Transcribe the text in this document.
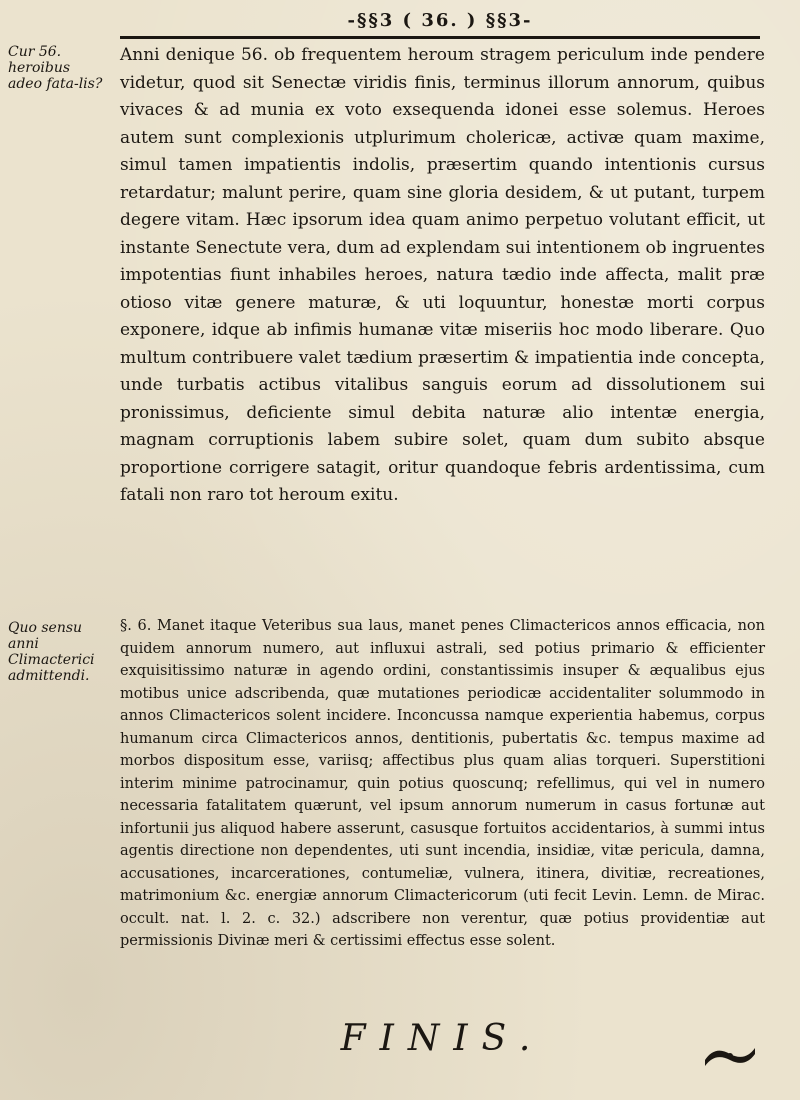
-§§3 ( 36. ) §§3-
Cur 56. heroibus adeo fata-lis?
Quo sensu anni Climacterici admittendi.
Anni denique 56. ob frequentem heroum stragem periculum inde pendere videtur, quod sit Senectæ viridis finis, terminus illorum annorum, quibus vivaces & ad munia ex voto exsequenda idonei esse solemus. Heroes autem sunt complexionis utplurimum cholericæ, activæ quam maxime, simul tamen impatientis indolis, præsertim quando intentionis cursus retardatur; malunt perire, quam sine gloria desidem, & ut putant, turpem degere vitam. Hæc ipsorum idea quam animo perpetuo volutant efficit, ut instante Senectute vera, dum ad explendam sui intentionem ob ingruentes impotentias fiunt inhabiles heroes, natura tædio inde affecta, malit præ otioso vitæ genere maturæ, & uti loquuntur, honestæ morti corpus exponere, idque ab infimis humanæ vitæ miseriis hoc modo liberare. Quo multum contribuere valet tædium præsertim & impatientia inde concepta, unde turbatis actibus vitalibus sanguis eorum ad dissolutionem sui pronissimus, deficiente simul debita naturæ alio intentæ energia, magnam corruptionis labem subire solet, quam dum subito absque proportione corrigere satagit, oritur quandoque febris ardentissima, cum fatali non raro tot heroum exitu.
§. 6. Manet itaque Veteribus sua laus, manet penes Climactericos annos efficacia, non quidem annorum numero, aut influxui astrali, sed potius primario & efficienter exquisitissimo naturæ in agendo ordini, constantissimis insuper & æqualibus ejus motibus unice adscribenda, quæ mutationes periodicæ accidentaliter solummodo in annos Climactericos solent incidere. Inconcussa namque experientia habemus, corpus humanum circa Climactericos annos, dentitionis, pubertatis &c. tempus maxime ad morbos dispositum esse, variisq; affectibus plus quam alias torqueri. Superstitioni interim minime patrocinamur, quin potius quoscunq; refellimus, qui vel in numero necessaria fatalitatem quærunt, vel ipsum annorum numerum in casus fortunæ aut infortunii jus aliquod habere asserunt, casusque fortuitos accidentarios, à summi intus agentis directione non dependentes, uti sunt incendia, insidiæ, vitæ pericula, damna, accusationes, incarcerationes, contumeliæ, vulnera, itinera, divitiæ, recreationes, matrimonium &c. energiæ annorum Climactericorum (uti fecit Levin. Lemn. de Mirac. occult. nat. l. 2. c. 32.) adscribere non verentur, quæ potius providentiæ aut permissionis Divinæ meri & certissimi effectus esse solent.
FINIS.
